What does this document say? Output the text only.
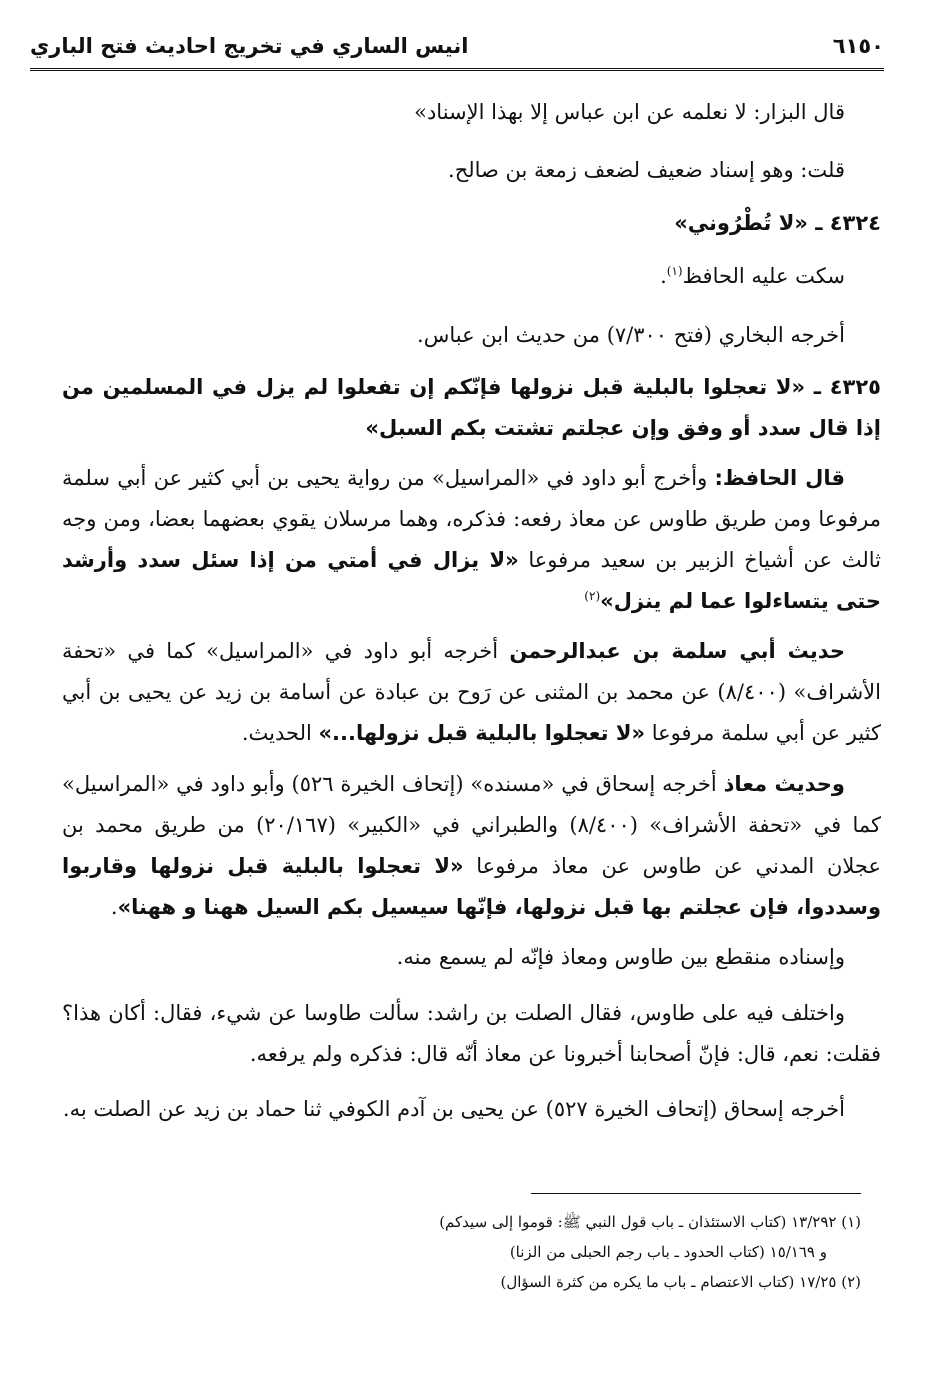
٦١٥٠
انيس الساري في تخريج احاديث فتح الباري
قال البزار: لا نعلمه عن ابن عباس إلا بهذا الإسناد»
قلت: وهو إسناد ضعيف لضعف زمعة بن صالح.
٤٣٢٤ ـ «لا تُطْرُوني»
سكت عليه الحافظ$^{(١)}$.
أخرجه البخاري (فتح ٧/٣٠٠) من حديث ابن عباس.
٤٣٢٥ ـ «لا تعجلوا بالبلية قبل نزولها فإنّكم إن تفعلوا لم يزل في المسلمين من إذا قال سدد أو وفق وإن عجلتم تشتت بكم السبل»
قال الحافظ: وأخرج أبو داود في «المراسيل» من رواية يحيى بن أبي كثير عن أبي سلمة مرفوعا ومن طريق طاوس عن معاذ رفعه: فذكره، وهما مرسلان يقوي بعضهما بعضا، ومن وجه ثالث عن أشياخ الزبير بن سعيد مرفوعا «لا يزال في أمتي من إذا سئل سدد وأرشد حتى يتساءلوا عما لم ينزل»$^{(٢)}$
حديث أبي سلمة بن عبدالرحمن أخرجه أبو داود في «المراسيل» كما في «تحفة الأشراف» (٨/٤٠٠) عن محمد بن المثنى عن رَوح بن عبادة عن أسامة بن زيد عن يحيى بن أبي كثير عن أبي سلمة مرفوعا «لا تعجلوا بالبلية قبل نزولها...» الحديث.
وحديث معاذ أخرجه إسحاق في «مسنده» (إتحاف الخيرة ٥٢٦) وأبو داود في «المراسيل» كما في «تحفة الأشراف» (٨/٤٠٠) والطبراني في «الكبير» (٢٠/١٦٧) من طريق محمد بن عجلان المدني عن طاوس عن معاذ مرفوعا «لا تعجلوا بالبلية قبل نزولها وقاربوا وسددوا، فإن عجلتم بها قبل نزولها، فإنّها سيسيل بكم السيل ههنا و ههنا».
وإسناده منقطع بين طاوس ومعاذ فإنّه لم يسمع منه.
واختلف فيه على طاوس، فقال الصلت بن راشد: سألت طاوسا عن شيء، فقال: أكان هذا؟ فقلت: نعم، قال: فإنّ أصحابنا أخبرونا عن معاذ أنّه قال: فذكره ولم يرفعه.
أخرجه إسحاق (إتحاف الخيرة ٥٢٧) عن يحيى بن آدم الكوفي ثنا حماد بن زيد عن الصلت به.
(١) ١٣/٢٩٢ (كتاب الاستئذان ـ باب قول النبي ﷺ: قوموا إلى سيدكم)
و ١٥/١٦٩ (كتاب الحدود ـ باب رجم الحبلى من الزنا)
(٢) ١٧/٢٥ (كتاب الاعتصام ـ باب ما يكره من كثرة السؤال)
